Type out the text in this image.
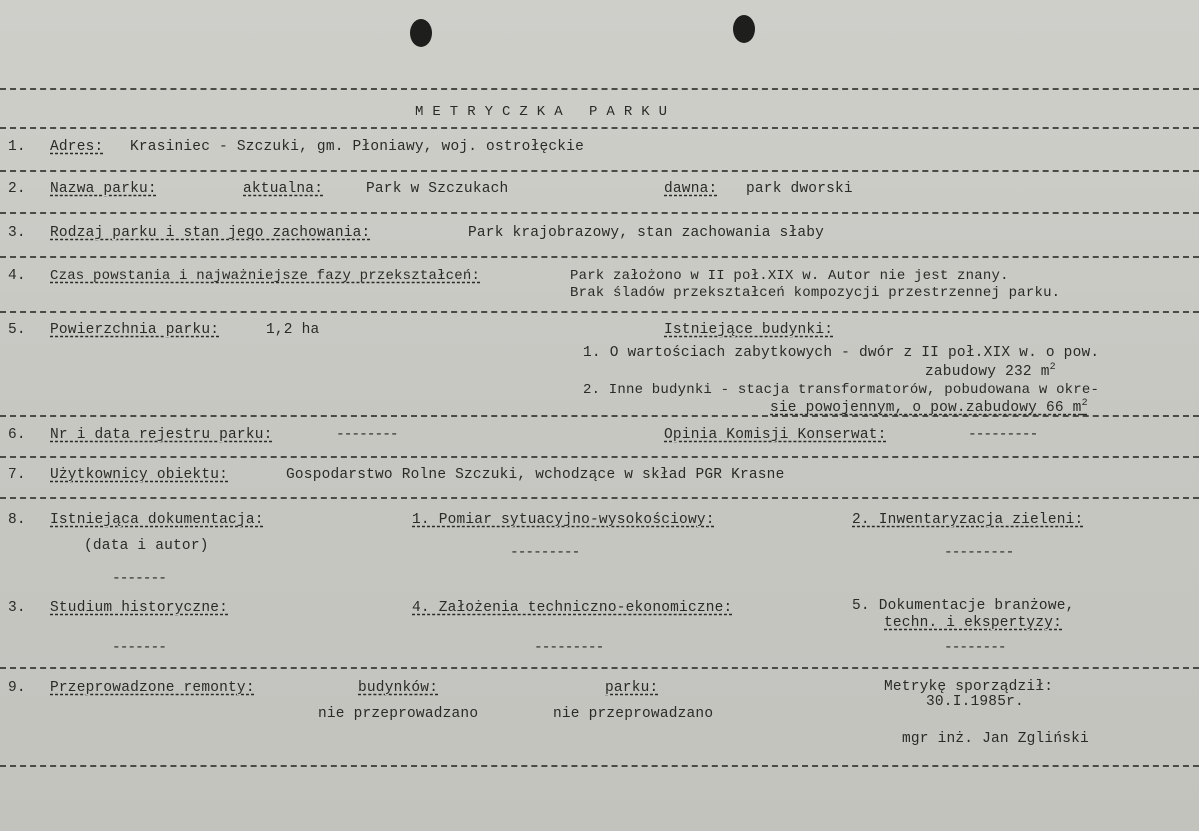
METRYCZKA PARKU
1. Adres: Krasiniec - Szczuki, gm. Płoniawy, woj. ostrołęckie
2. Nazwa parku:	aktualna:	Park w Szczukach	dawna: park dworski
3. Rodzaj parku i stan jego zachowania:	Park krajobrazowy, stan zachowania słaby
4. Czas powstania i najważniejsze fazy przekształceń:	Park założono w II poł.XIX w. Autor nie jest znany.
Brak śladów przekształceń kompozycji przestrzennej parku.
5. Powierzchnia parku:	1,2 ha	Istniejące budynki:
1. O wartościach zabytkowych - dwór z II poł.XIX w. o pow.
zabudowy 232 $m^2$
2. Inne budynki - stacja transformatorów, pobudowana w okre-
sie powojennym, o pow.zabudowy 66 $m^2$
6. Nr i data rejestru parku:	--------	Opinia Komisji Konserwat:	---------
7. Użytkownicy obiektu:	Gospodarstwo Rolne Szczuki, wchodzące w skład PGR Krasne
8. Istniejąca dokumentacja:
(data i autor)
-------
1. Pomiar sytuacyjno-wysokościowy:
---------
2. Inwentaryzacja zieleni:
---------
3. Studium historyczne:
-------
4. Założenia techniczno-ekonomiczne:
---------
5. Dokumentacje branżowe,
techn. i ekspertyzy:
--------
9. Przeprowadzone remonty:	budynków:
nie przeprowadzano
parku:
nie przeprowadzano
Metrykę sporządził:
30.I.1985r.
mgr inż. Jan Zgliński
